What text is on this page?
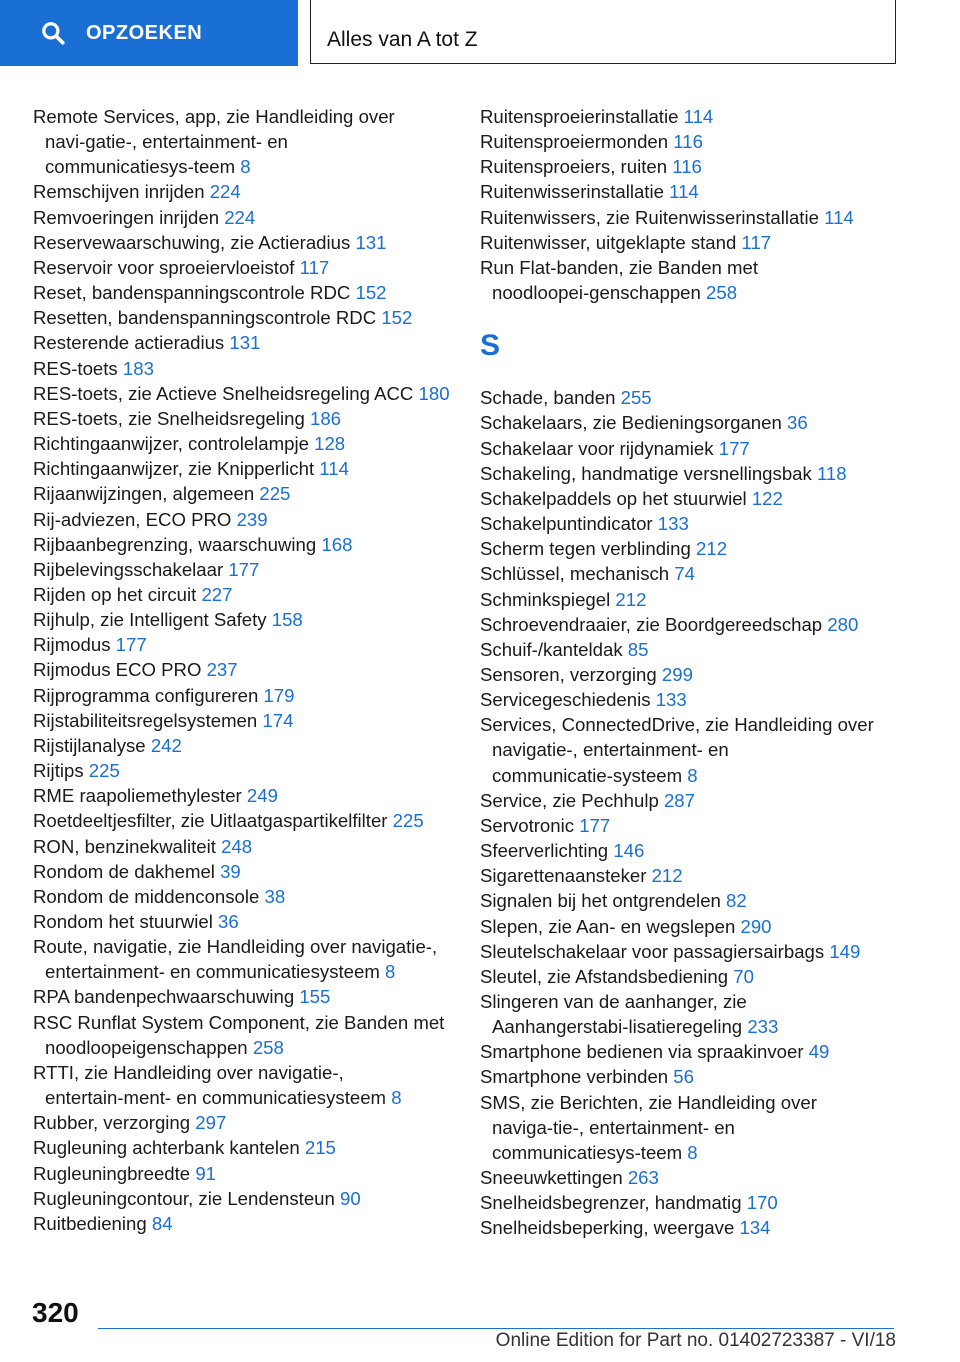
OPZOEKEN	Alles van A tot Z
Remote Services, app, zie Handleiding over navi‑gatie‑, entertainment‑ en communicatiesys‑teem 8
Remschijven inrijden 224
Remvoeringen inrijden 224
Reservewaarschuwing, zie Actieradius 131
Reservoir voor sproeiervloeistof 117
Reset, bandenspanningscontrole RDC 152
Resetten, bandenspanningscontrole RDC 152
Resterende actieradius 131
RES-toets 183
RES-toets, zie Actieve Snelheidsregeling ACC 180
RES-toets, zie Snelheidsregeling 186
Richtingaanwijzer, controlelampje 128
Richtingaanwijzer, zie Knipperlicht 114
Rijaanwijzingen, algemeen 225
Rij-adviezen, ECO PRO 239
Rijbaanbegrenzing, waarschuwing 168
Rijbelevingsschakelaar 177
Rijden op het circuit 227
Rijhulp, zie Intelligent Safety 158
Rijmodus 177
Rijmodus ECO PRO 237
Rijprogramma configureren 179
Rijstabiliteitsregelsystemen 174
Rijstijlanalyse 242
Rijtips 225
RME raapoliemethylester 249
Roetdeeltjesfilter, zie Uitlaatgaspartikelfilter 225
RON, benzinekwaliteit 248
Rondom de dakhemel 39
Rondom de middenconsole 38
Rondom het stuurwiel 36
Route, navigatie, zie Handleiding over navigatie-, entertainment- en communicatiesysteem 8
RPA bandenpechwaarschuwing 155
RSC Runflat System Component, zie Banden met noodloopeigenschappen 258
RTTI, zie Handleiding over navigatie-, entertain‑ment- en communicatiesysteem 8
Rubber, verzorging 297
Rugleuning achterbank kantelen 215
Rugleuningbreedte 91
Rugleuningcontour, zie Lendensteun 90
Ruitbediening 84
Ruitensproeierinstallatie 114
Ruitensproeiermonden 116
Ruitensproeiers, ruiten 116
Ruitenwisserinstallatie 114
Ruitenwissers, zie Ruitenwisserinstallatie 114
Ruitenwisser, uitgeklapte stand 117
Run Flat-banden, zie Banden met noodloopei‑genschappen 258
S
Schade, banden 255
Schakelaars, zie Bedieningsorganen 36
Schakelaar voor rijdynamiek 177
Schakeling, handmatige versnellingsbak 118
Schakelpaddels op het stuurwiel 122
Schakelpuntindicator 133
Scherm tegen verblinding 212
Schlüssel, mechanisch 74
Schminkspiegel 212
Schroevendraaier, zie Boordgereedschap 280
Schuif-/kanteldak 85
Sensoren, verzorging 299
Servicegeschiedenis 133
Services, ConnectedDrive, zie Handleiding over navigatie-, entertainment- en communicatie‑systeem 8
Service, zie Pechhulp 287
Servotronic 177
Sfeerverlichting 146
Sigarettenaansteker 212
Signalen bij het ontgrendelen 82
Slepen, zie Aan- en wegslepen 290
Sleutelschakelaar voor passagiersairbags 149
Sleutel, zie Afstandsbediening 70
Slingeren van de aanhanger, zie Aanhangerstabi‑lisatieregeling 233
Smartphone bedienen via spraakinvoer 49
Smartphone verbinden 56
SMS, zie Berichten, zie Handleiding over naviga‑tie-, entertainment- en communicatiesys‑teem 8
Sneeuwkettingen 263
Snelheidsbegrenzer, handmatig 170
Snelheidsbeperking, weergave 134
320
Online Edition for Part no. 01402723387 - VI/18
